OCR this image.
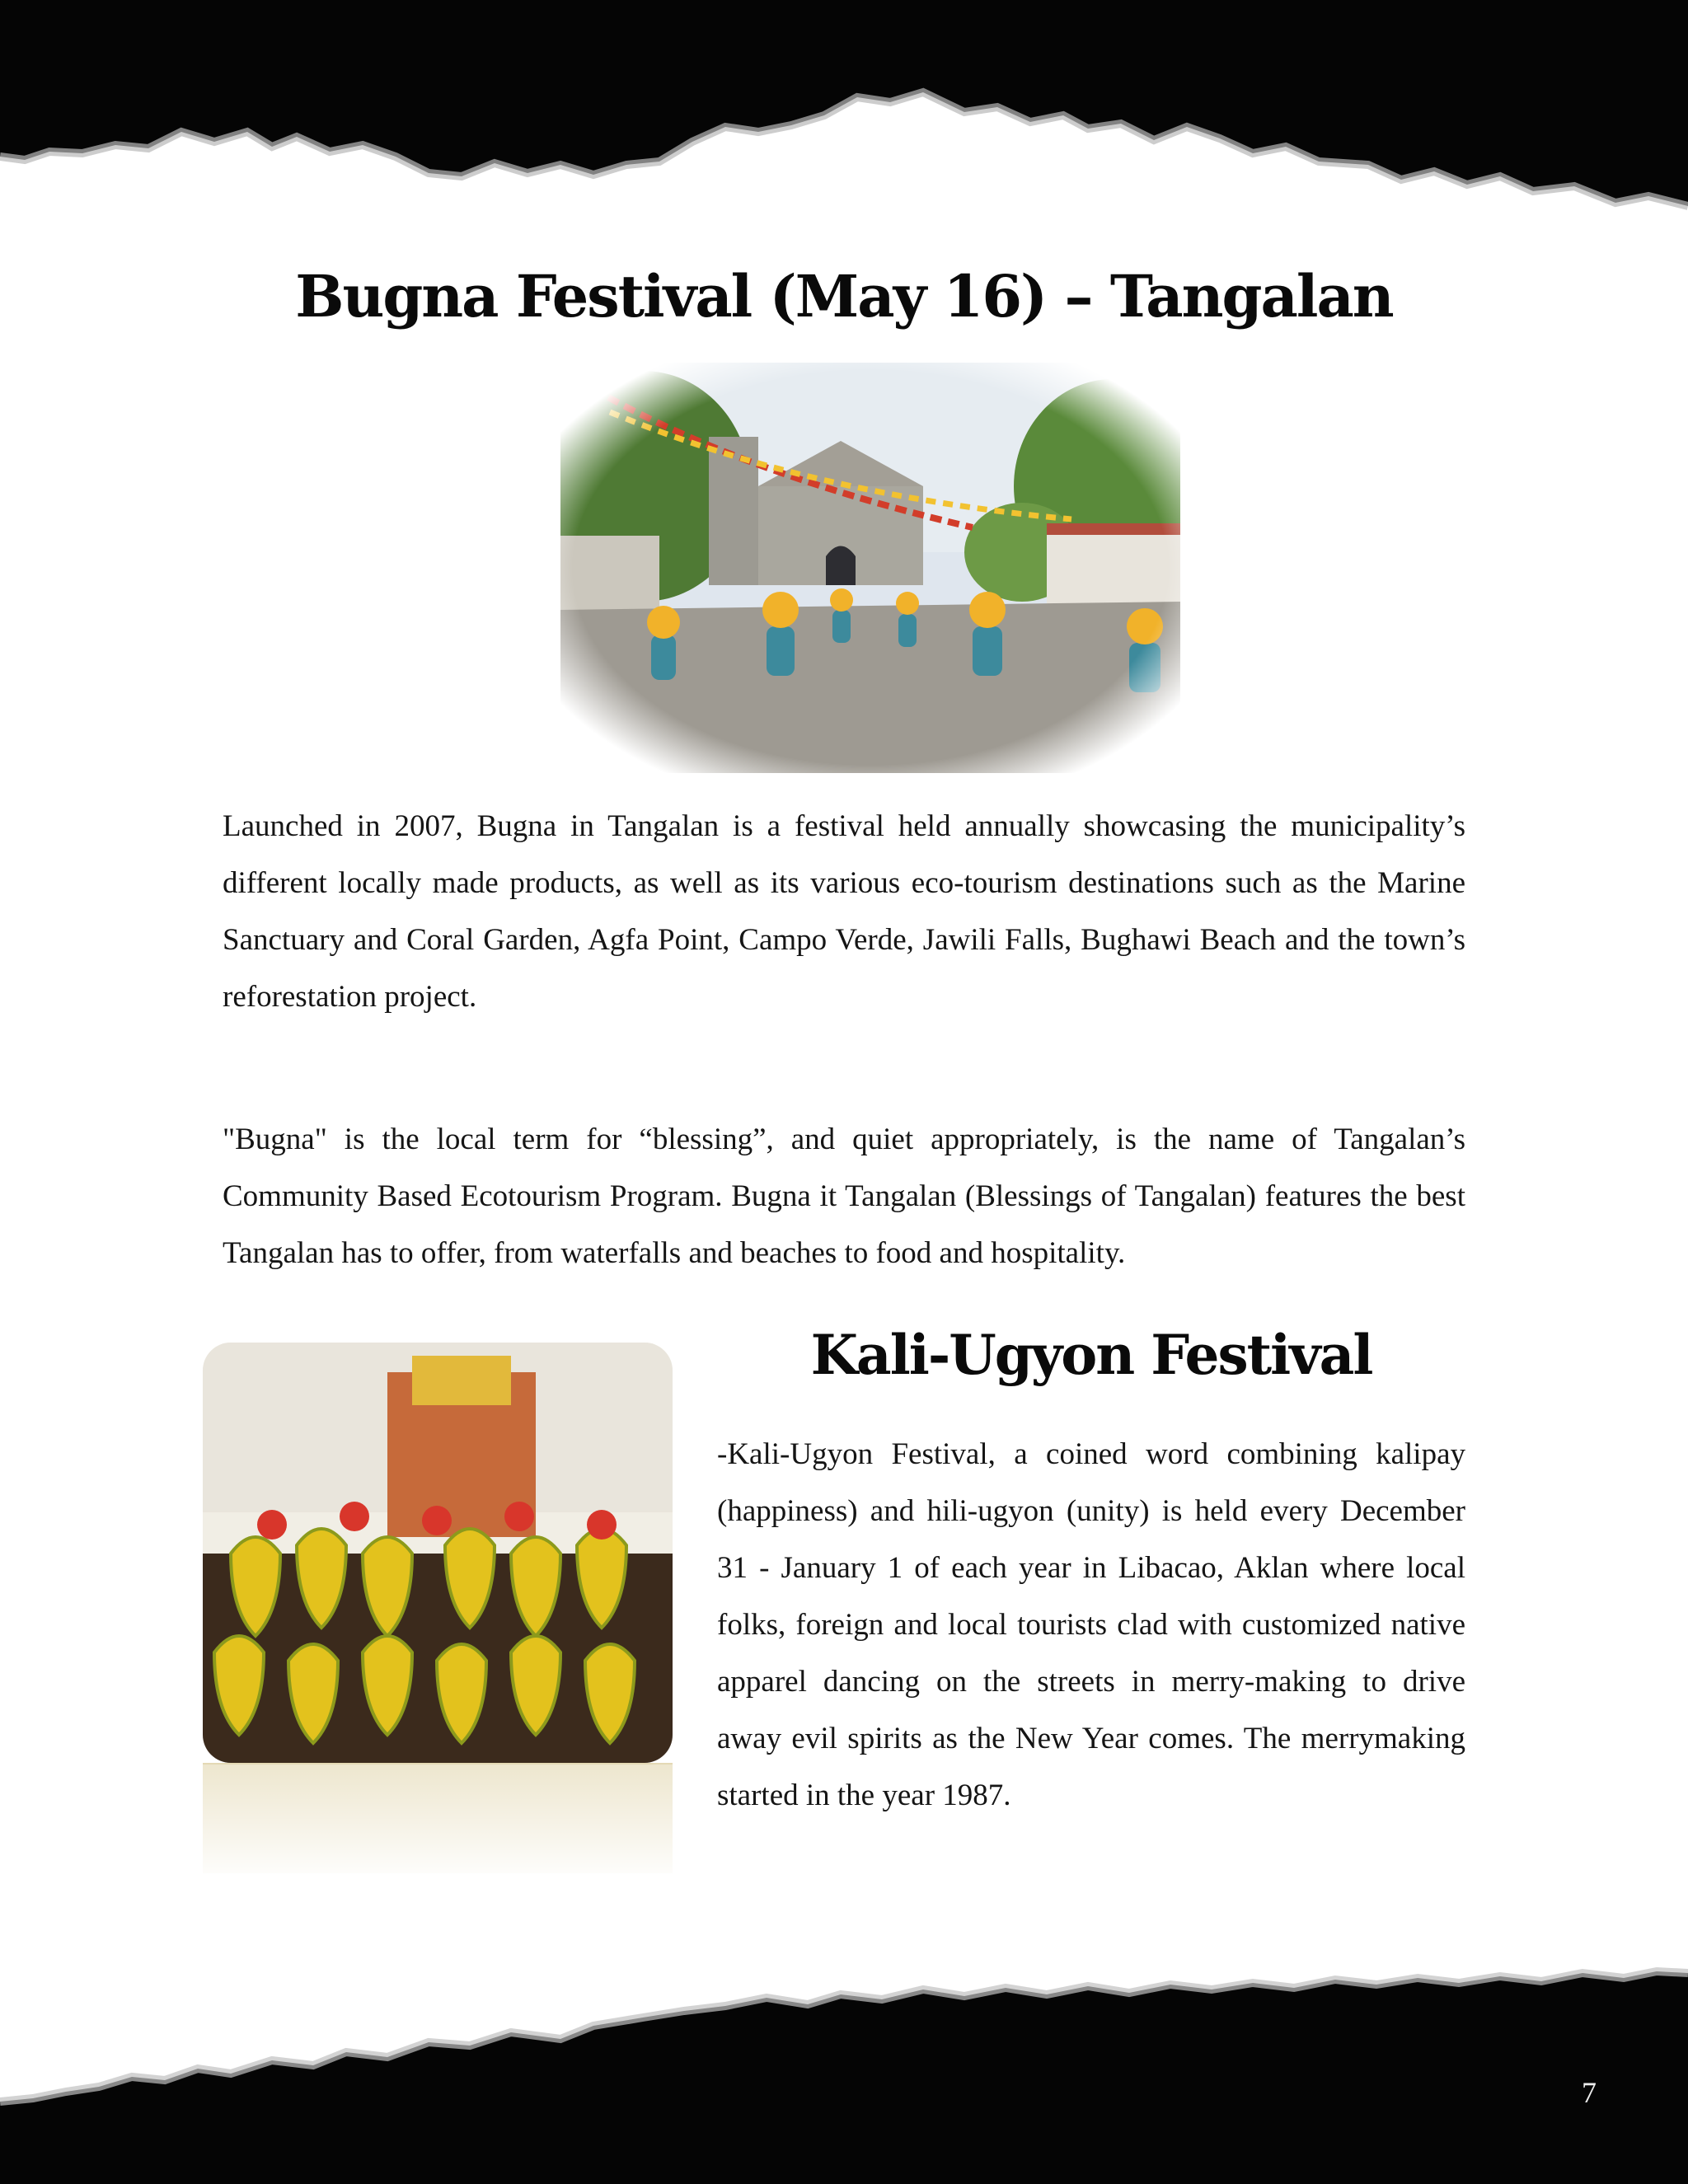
Bugna Festival (May 16) – Tangalan

Launched in 2007, Bugna in Tangalan is a festival held annually showcasing the municipality’s different locally made products, as well as its various eco-tourism destinations such as the Marine Sanctuary and Coral Garden, Agfa Point, Campo Verde, Jawili Falls, Bughawi Beach and the town’s reforestation project.

"Bugna" is the local term for “blessing”, and quiet appropriately, is the name of Tangalan’s Community Based Ecotourism Program. Bugna it Tangalan (Blessings of Tangalan) features the best Tangalan has to offer, from waterfalls and beaches to food and hospitality.

Kali-Ugyon Festival

-Kali-Ugyon Festival, a coined word combining kalipay (happiness) and hili-ugyon (unity) is held every December 31 - January 1 of each year in Libacao, Aklan where local folks, foreign and local tourists clad with customized native apparel dancing on the streets in merry-making to drive away evil spirits as the New Year comes. The merrymaking started in the year 1987.

7
